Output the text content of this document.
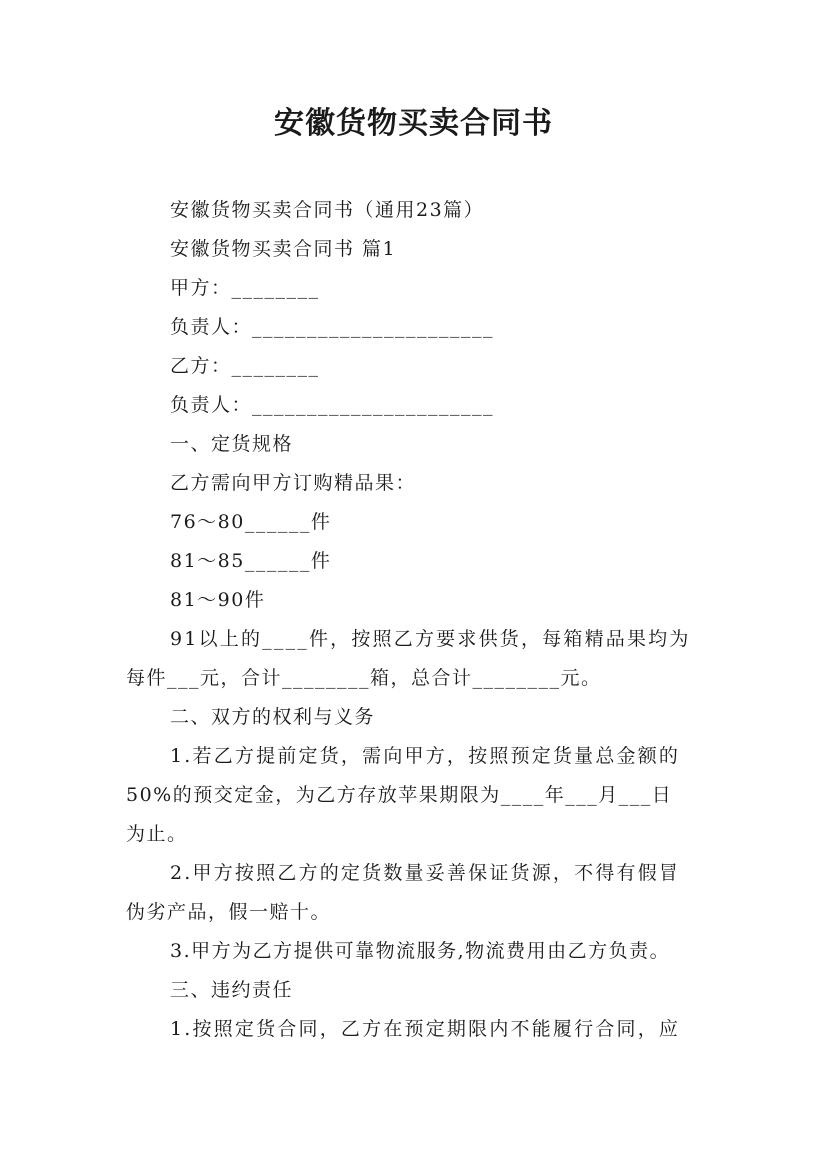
安徽货物买卖合同书
安徽货物买卖合同书（通用23篇）
安徽货物买卖合同书 篇1
甲方：________
负责人：______________________
乙方：________
负责人：______________________
一、定货规格
乙方需向甲方订购精品果：
76～80______件
81～85______件
81～90件
91以上的____件，按照乙方要求供货，每箱精品果均为
每件___元，合计________箱，总合计________元。
二、双方的权利与义务
1.若乙方提前定货，需向甲方，按照预定货量总金额的
50%的预交定金，为乙方存放苹果期限为____年___月___日
为止。
2.甲方按照乙方的定货数量妥善保证货源，不得有假冒
伪劣产品，假一赔十。
3.甲方为乙方提供可靠物流服务,物流费用由乙方负责。
三、违约责任
1.按照定货合同，乙方在预定期限内不能履行合同，应
